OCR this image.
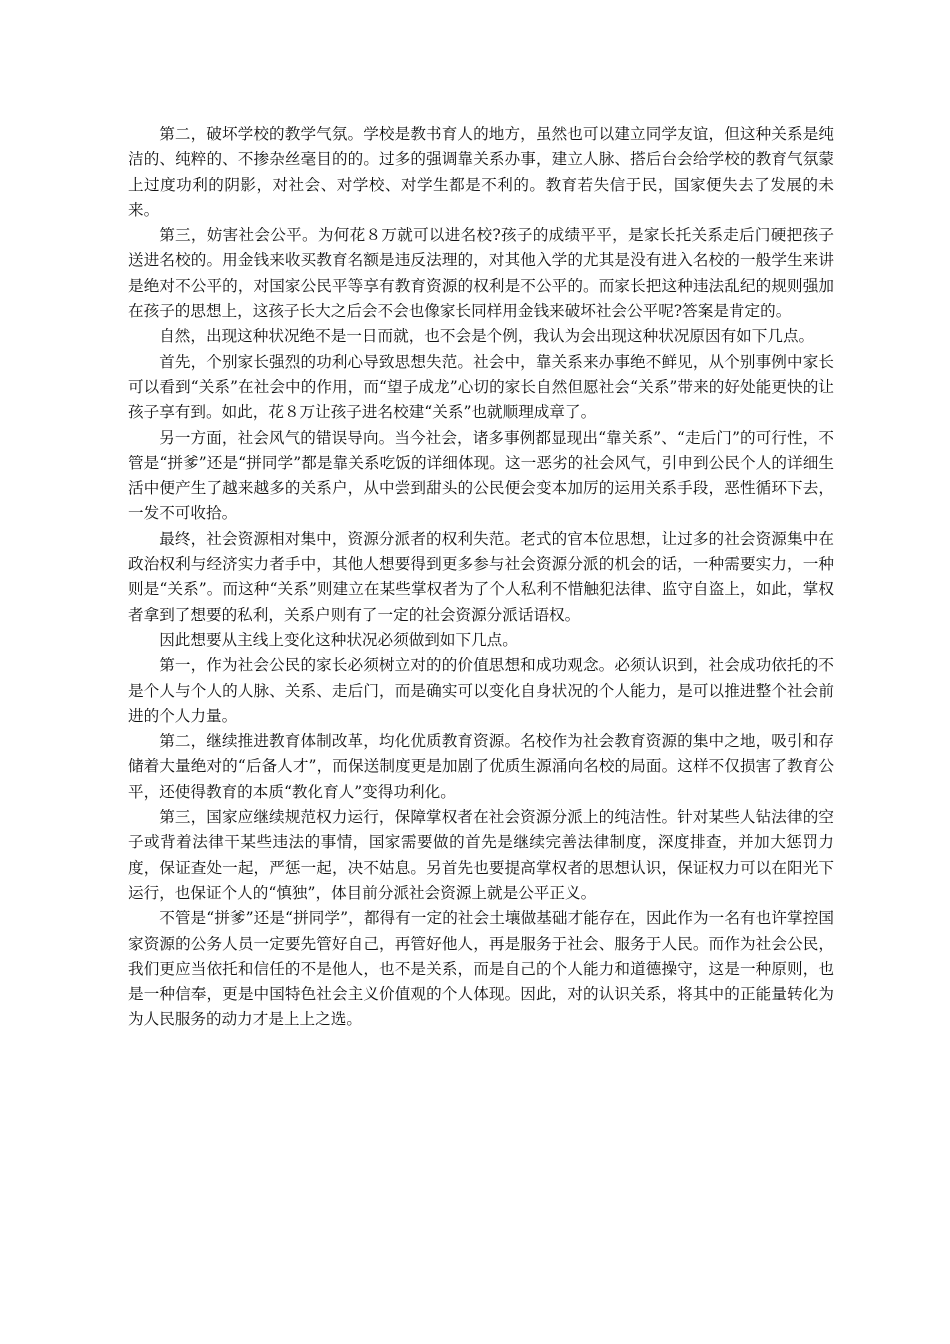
第二，破坏学校的教学气氛。学校是教书育人的地方，虽然也可以建立同学友谊，但这种关系是纯洁的、纯粹的、不掺杂丝毫目的的。过多的强调靠关系办事，建立人脉、搭后台会给学校的教育气氛蒙上过度功利的阴影，对社会、对学校、对学生都是不利的。教育若失信于民，国家便失去了发展的未来。

第三，妨害社会公平。为何花８万就可以进名校?孩子的成绩平平，是家长托关系走后门硬把孩子送进名校的。用金钱来收买教育名额是违反法理的，对其他入学的尤其是没有进入名校的一般学生来讲是绝对不公平的，对国家公民平等享有教育资源的权利是不公平的。而家长把这种违法乱纪的规则强加在孩子的思想上，这孩子长大之后会不会也像家长同样用金钱来破坏社会公平呢?答案是肯定的。

自然，出现这种状况绝不是一日而就，也不会是个例，我认为会出现这种状况原因有如下几点。

首先，个别家长强烈的功利心导致思想失范。社会中，靠关系来办事绝不鲜见，从个别事例中家长可以看到“关系”在社会中的作用，而“望子成龙”心切的家长自然但愿社会“关系”带来的好处能更快的让孩子享有到。如此，花８万让孩子进名校建“关系”也就顺理成章了。

另一方面，社会风气的错误导向。当今社会，诸多事例都显现出“靠关系”、“走后门”的可行性，不管是“拼爹”还是“拼同学”都是靠关系吃饭的详细体现。这一恶劣的社会风气，引申到公民个人的详细生活中便产生了越来越多的关系户，从中尝到甜头的公民便会变本加厉的运用关系手段，恶性循环下去，一发不可收拾。

最终，社会资源相对集中，资源分派者的权利失范。老式的官本位思想，让过多的社会资源集中在政治权利与经济实力者手中，其他人想要得到更多参与社会资源分派的机会的话，一种需要实力，一种则是“关系”。而这种“关系”则建立在某些掌权者为了个人私利不惜触犯法律、监守自盗上，如此，掌权者拿到了想要的私利，关系户则有了一定的社会资源分派话语权。

因此想要从主线上变化这种状况必须做到如下几点。

第一，作为社会公民的家长必须树立对的的价值思想和成功观念。必须认识到，社会成功依托的不是个人与个人的人脉、关系、走后门，而是确实可以变化自身状况的个人能力，是可以推进整个社会前进的个人力量。

第二，继续推进教育体制改革，均化优质教育资源。名校作为社会教育资源的集中之地，吸引和存储着大量绝对的“后备人才”，而保送制度更是加剧了优质生源涌向名校的局面。这样不仅损害了教育公平，还使得教育的本质“教化育人”变得功利化。

第三，国家应继续规范权力运行，保障掌权者在社会资源分派上的纯洁性。针对某些人钻法律的空子或背着法律干某些违法的事情，国家需要做的首先是继续完善法律制度，深度排查，并加大惩罚力度，保证查处一起，严惩一起，决不姑息。另首先也要提高掌权者的思想认识，保证权力可以在阳光下运行，也保证个人的“慎独”，体目前分派社会资源上就是公平正义。

不管是“拼爹”还是“拼同学”，都得有一定的社会土壤做基础才能存在，因此作为一名有也许掌控国家资源的公务人员一定要先管好自己，再管好他人，再是服务于社会、服务于人民。而作为社会公民，我们更应当依托和信任的不是他人，也不是关系，而是自己的个人能力和道德操守，这是一种原则，也是一种信奉，更是中国特色社会主义价值观的个人体现。因此，对的认识关系，将其中的正能量转化为为人民服务的动力才是上上之选。
